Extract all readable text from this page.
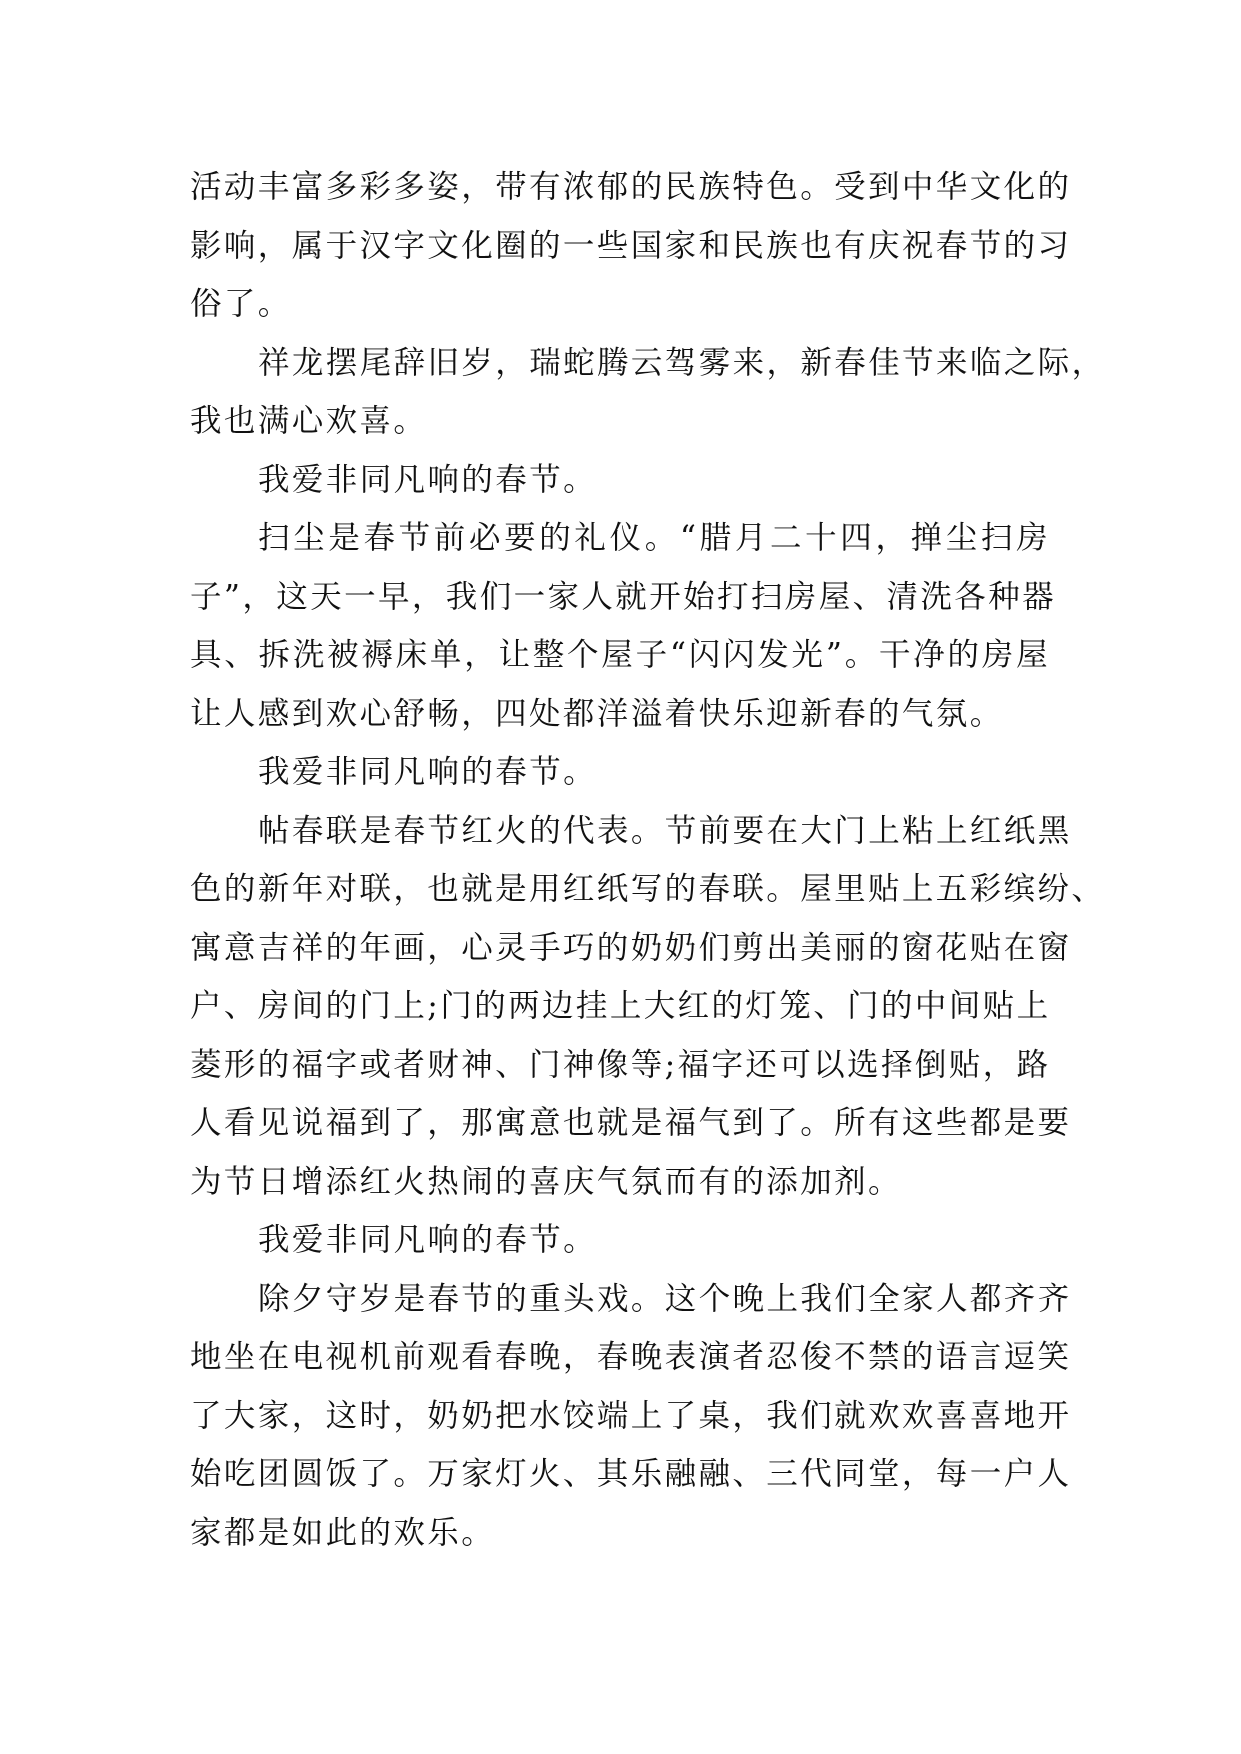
活动丰富多彩多姿，带有浓郁的民族特色。受到中华文化的
影响，属于汉字文化圈的一些国家和民族也有庆祝春节的习
俗了。
祥龙摆尾辞旧岁，瑞蛇腾云驾雾来，新春佳节来临之际，
我也满心欢喜。
我爱非同凡响的春节。
扫尘是春节前必要的礼仪。“腊月二十四，掸尘扫房
子”，这天一早，我们一家人就开始打扫房屋、清洗各种器
具、拆洗被褥床单，让整个屋子“闪闪发光”。干净的房屋
让人感到欢心舒畅，四处都洋溢着快乐迎新春的气氛。
我爱非同凡响的春节。
帖春联是春节红火的代表。节前要在大门上粘上红纸黑
色的新年对联，也就是用红纸写的春联。屋里贴上五彩缤纷、
寓意吉祥的年画，心灵手巧的奶奶们剪出美丽的窗花贴在窗
户、房间的门上;门的两边挂上大红的灯笼、门的中间贴上
菱形的福字或者财神、门神像等;福字还可以选择倒贴，路
人看见说福到了，那寓意也就是福气到了。所有这些都是要
为节日增添红火热闹的喜庆气氛而有的添加剂。
我爱非同凡响的春节。
除夕守岁是春节的重头戏。这个晚上我们全家人都齐齐
地坐在电视机前观看春晚，春晚表演者忍俊不禁的语言逗笑
了大家，这时，奶奶把水饺端上了桌，我们就欢欢喜喜地开
始吃团圆饭了。万家灯火、其乐融融、三代同堂，每一户人
家都是如此的欢乐。
